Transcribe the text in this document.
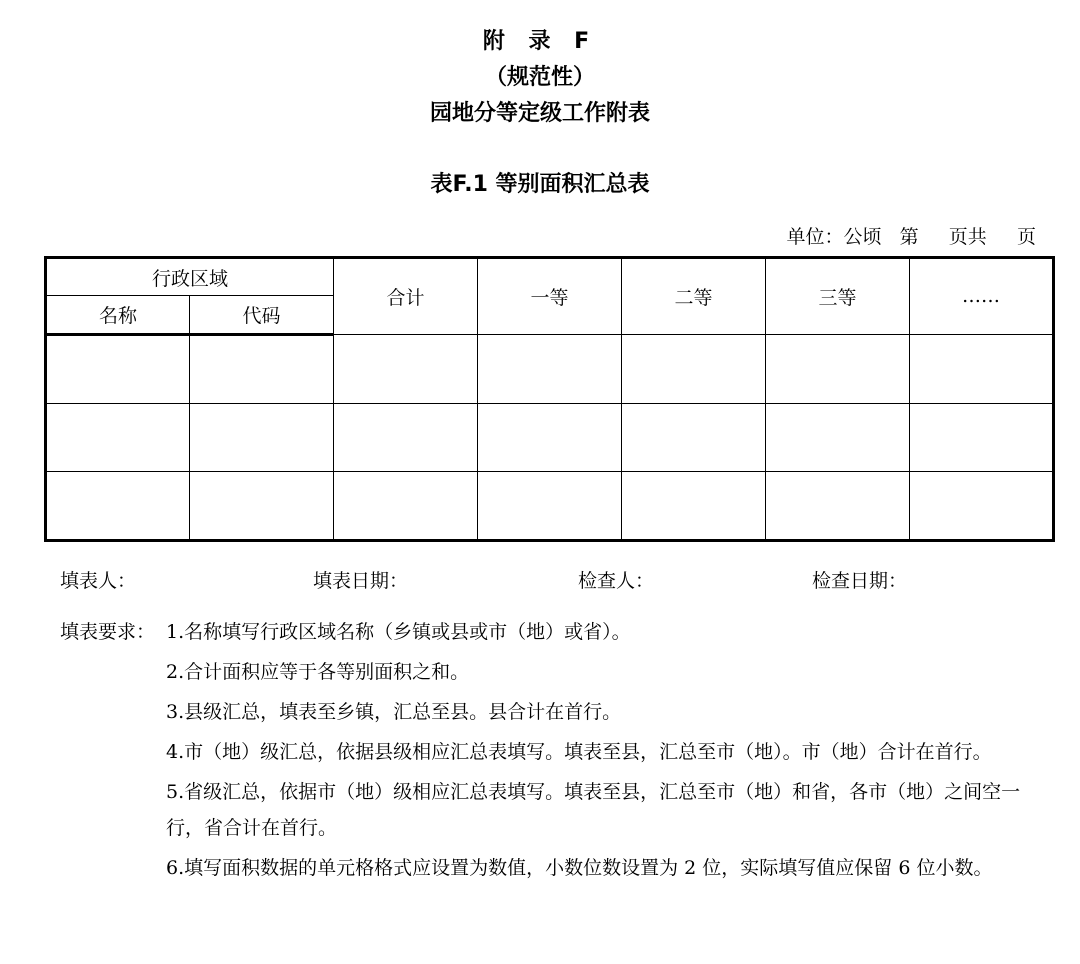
附 录 F
（规范性）
园地分等定级工作附表
表F.1 等别面积汇总表
单位：公顷   第     页共     页
行政区域		合计	一等	二等	三等	……
名称	代码					

填表人：	填表日期：	检查人：	检查日期：
填表要求： 1.名称填写行政区域名称（乡镇或县或市（地）或省）。
2.合计面积应等于各等别面积之和。
3.县级汇总，填表至乡镇，汇总至县。县合计在首行。
4.市（地）级汇总，依据县级相应汇总表填写。填表至县，汇总至市（地）。市（地）合计在首行。
5.省级汇总，依据市（地）级相应汇总表填写。填表至县，汇总至市（地）和省，各市（地）之间空一行，省合计在首行。
6.填写面积数据的单元格格式应设置为数值，小数位数设置为 2 位，实际填写值应保留 6 位小数。
